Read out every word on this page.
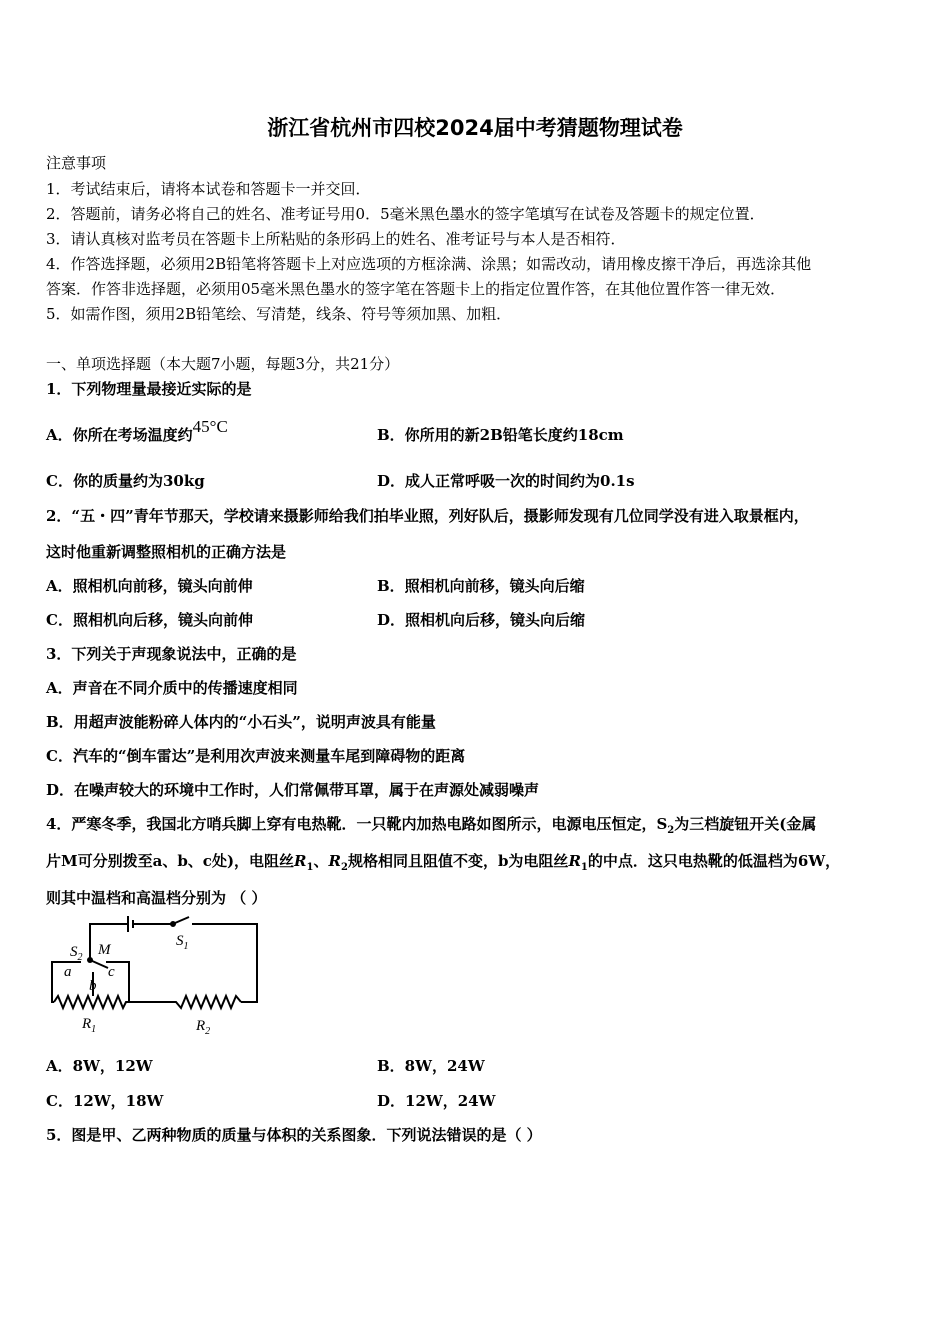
浙江省杭州市四校2024届中考猜题物理试卷
注意事项
1．考试结束后，请将本试卷和答题卡一并交回．
2．答题前，请务必将自己的姓名、准考证号用0．5毫米黑色墨水的签字笔填写在试卷及答题卡的规定位置．
3．请认真核对监考员在答题卡上所粘贴的条形码上的姓名、准考证号与本人是否相符．
4．作答选择题，必须用2B铅笔将答题卡上对应选项的方框涂满、涂黑；如需改动，请用橡皮擦干净后，再选涂其他
答案．作答非选择题，必须用05毫米黑色墨水的签字笔在答题卡上的指定位置作答，在其他位置作答一律无效．
5．如需作图，须用2B铅笔绘、写清楚，线条、符号等须加黑、加粗．
一、单项选择题（本大题7小题，每题3分，共21分）
1．下列物理量最接近实际的是
A．你所在考场温度约45°C	B．你所用的新2B铅笔长度约18cm
C．你的质量约为30kg	D．成人正常呼吸一次的时间约为0.1s
2．“五・四”青年节那天，学校请来摄影师给我们拍毕业照，列好队后，摄影师发现有几位同学没有进入取景框内，
这时他重新调整照相机的正确方法是
A．照相机向前移，镜头向前伸	B．照相机向前移，镜头向后缩
C．照相机向后移，镜头向前伸	D．照相机向后移，镜头向后缩
3．下列关于声现象说法中，正确的是
A．声音在不同介质中的传播速度相同
B．用超声波能粉碎人体内的“小石头”，说明声波具有能量
C．汽车的“倒车雷达”是利用次声波来测量车尾到障碍物的距离
D．在噪声较大的环境中工作时，人们常佩带耳罩，属于在声源处减弱噪声
4．严寒冬季，我国北方哨兵脚上穿有电热靴．一只靴内加热电路如图所示，电源电压恒定，$S_2$为三档旋钮开关(金属
片M可分别拨至a、b、c处)，电阻丝$R_1$、$R_2$规格相同且阻值不变，b为电阻丝$R_1$的中点．这只电热靴的低温档为6W，
则其中温档和高温档分别为 （ ）
$S_1$
$S_2$ M
a
b
c
$R_1$	$R_2$
A．8W，12W	B．8W，24W
C．12W，18W	D．12W，24W
5．图是甲、乙两种物质的质量与体积的关系图象．下列说法错误的是（ ）
